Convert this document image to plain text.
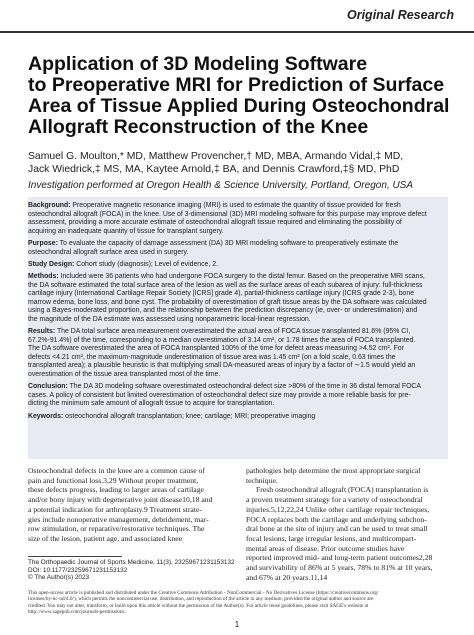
Original Research
Application of 3D Modeling Software
to Preoperative MRI for Prediction of Surface
Area of Tissue Applied During Osteochondral
Allograft Reconstruction of the Knee
Samuel G. Moulton,* MD, Matthew Provencher,† MD, MBA, Armando Vidal,‡ MD,
Jack Wiedrick,‡ MS, MA, Kaytee Arnold,‡ BA, and Dennis Crawford,‡§ MD, PhD
Investigation performed at Oregon Health & Science University, Portland, Oregon, USA
Background: Preoperative magnetic resonance imaging (MRI) is used to estimate the quantity of tissue provided for fresh
osteochondral allograft (FOCA) in the knee. Use of 3-dimensional (3D) MRI modeling software for this purpose may improve defect
assessment, providing a more accurate estimate of osteochondral allograft tissue required and eliminating the possibility of
acquiring an inadequate quantity of tissue for transplant surgery.
Purpose: To evaluate the capacity of damage assessment (DA) 3D MRI modeling software to preoperatively estimate the
osteochondral allograft surface area used in surgery.
Study Design: Cohort study (diagnosis); Level of evidence, 2.
Methods: Included were 36 patients who had undergone FOCA surgery to the distal femur. Based on the preoperative MRI scans,
the DA software estimated the total surface area of the lesion as well as the surface areas of each subarea of injury: full-thickness
cartilage injury (International Cartilage Repair Society [ICRS] grade 4), partial-thickness cartilage injury (ICRS grade 2-3), bone
marrow edema, bone loss, and bone cyst. The probability of overestimation of graft tissue areas by the DA software was calculated
using a Bayes-moderated proportion, and the relationship between the prediction discrepancy (ie, over- or underestimation) and
the magnitude of the DA estimate was assessed using nonparametric local-linear regression.
Results: The DA total surface area measurement overestimated the actual area of FOCA tissue transplanted 81.6% (95% CI,
67.2%-91.4%) of the time, corresponding to a median overestimation of 3.14 cm², or 1.78 times the area of FOCA transplanted.
The DA software overestimated the area of FOCA transplanted 100% of the time for defect areas measuring >4.52 cm². For
defects <4.21 cm², the maximum-magnitude underestimation of tissue area was 1.45 cm² (on a fold scale, 0.63 times the
transplanted area); a plausible heuristic is that multiplying small DA-measured areas of injury by a factor of ∼1.5 would yield an
overestimation of the tissue area transplanted most of the time.
Conclusion: The DA 3D modeling software overestimated osteochondral defect size >80% of the time in 36 distal femoral FOCA
cases. A policy of consistent but limited overestimation of osteochondral defect size may provide a more reliable basis for pre-
dicting the minimum safe amount of allograft tissue to acquire for transplantation.
Keywords: osteochondral allograft transplantation; knee; cartilage; MRI; preoperative imaging
Osteochondral defects in the knee are a common cause of
pain and functional loss.3,29 Without proper treatment,
these defects progress, leading to larger areas of cartilage
and/or bony injury with degenerative joint disease10,18 and
a potential indication for arthroplasty.9 Treatment strate-
gies include nonoperative management, debridement, mar-
row stimulation, or reparative/restorative techniques. The
size of the lesion, patient age, and associated knee
pathologies help determine the most appropriate surgical
technique.
Fresh osteochondral allograft (FOCA) transplantation is
a proven treatment strategy for a variety of osteochondral
injuries.5,12,22,24 Unlike other cartilage repair techniques,
FOCA replaces both the cartilage and underlying subchon-
dral bone at the site of injury and can be used to treat small
focal lesions, large irregular lesions, and multicompart-
mental areas of disease. Prior outcome studies have
reported improved mid- and long-term patient outcomes2,28
and survivability of 86% at 5 years, 78% to 81% at 10 years,
and 67% at 20 years.11,14
The Orthopaedic Journal of Sports Medicine, 11(3), 23259671231153132
DOI: 10.1177/23259671231153132
© The Author(s) 2023
This open-access article is published and distributed under the Creative Commons Attribution - NonCommercial - No Derivatives License (https://creativecommons.org/
licenses/by-nc-nd/4.0/), which permits the noncommercial use, distribution, and reproduction of the article in any medium, provided the original author and source are
credited. You may not alter, transform, or build upon this article without the permission of the Author(s). For article reuse guidelines, please visit SAGE's website at
http://www.sagepub.com/journals-permissions.
1
